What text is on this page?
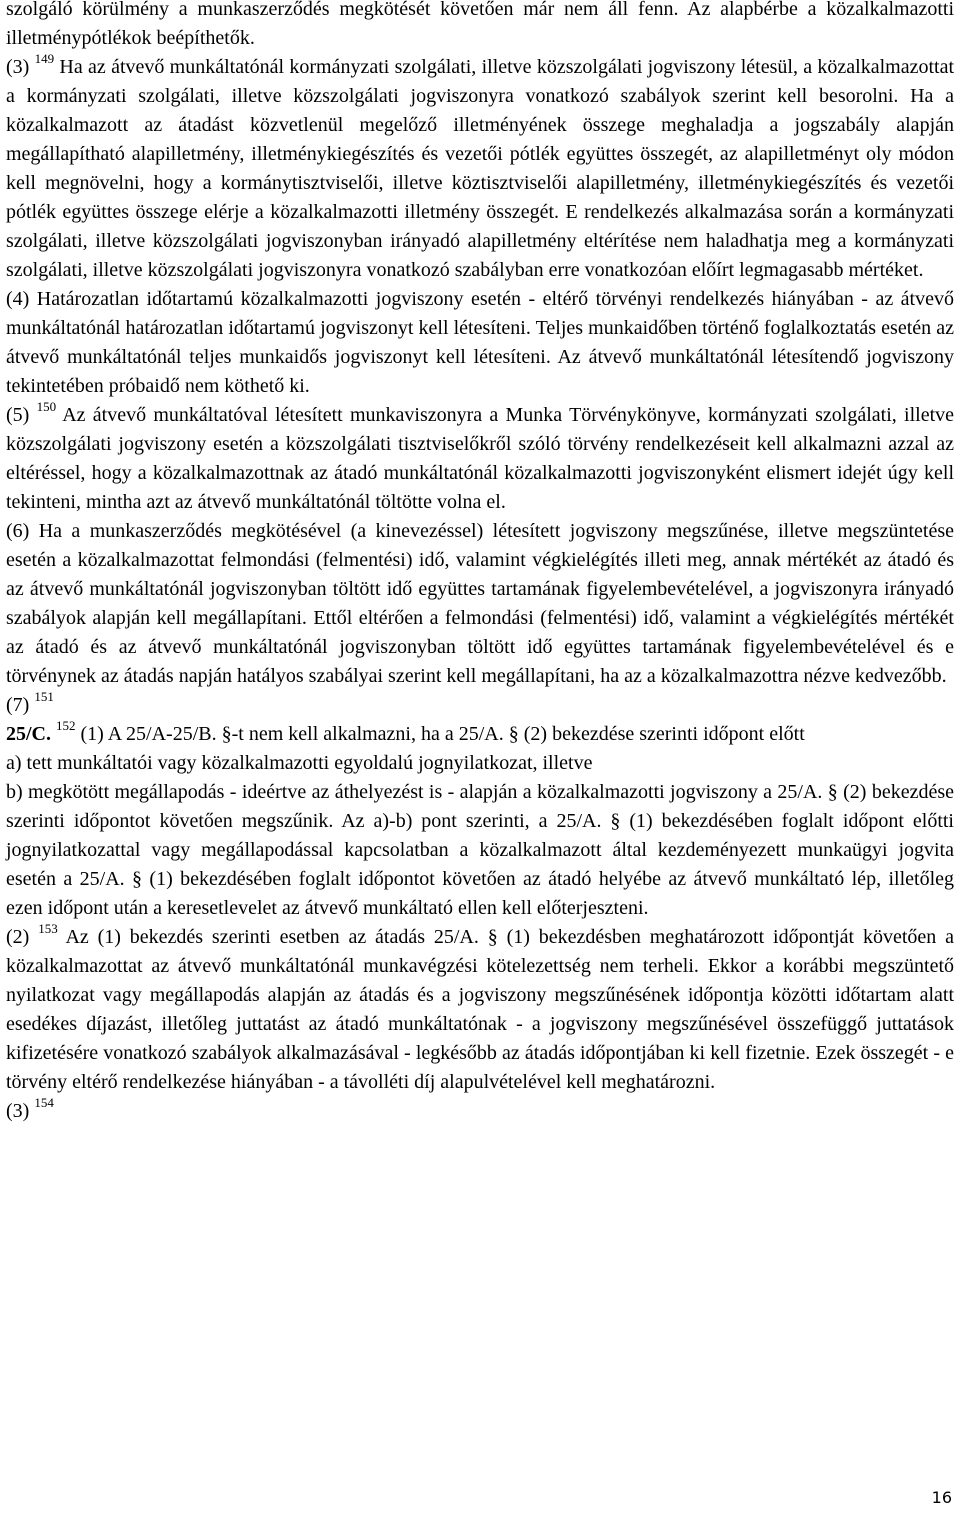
szolgáló körülmény a munkaszerződés megkötését követően már nem áll fenn. Az alapbérbe a közalkalmazotti illetménypótlékok beépíthetők.

(3) $^{149}$ Ha az átvevő munkáltatónál kormányzati szolgálati, illetve közszolgálati jogviszony létesül, a közalkalmazottat a kormányzati szolgálati, illetve közszolgálati jogviszonyra vonatkozó szabályok szerint kell besorolni. Ha a közalkalmazott az átadást közvetlenül megelőző illetményének összege meghaladja a jogszabály alapján megállapítható alapilletmény, illetménykiegészítés és vezetői pótlék együttes összegét, az alapilletményt oly módon kell megnövelni, hogy a kormánytisztviselői, illetve köztisztviselői alapilletmény, illetménykiegészítés és vezetői pótlék együttes összege elérje a közalkalmazotti illetmény összegét. E rendelkezés alkalmazása során a kormányzati szolgálati, illetve közszolgálati jogviszonyban irányadó alapilletmény eltérítése nem haladhatja meg a kormányzati szolgálati, illetve közszolgálati jogviszonyra vonatkozó szabályban erre vonatkozóan előírt legmagasabb mértéket.

(4) Határozatlan időtartamú közalkalmazotti jogviszony esetén - eltérő törvényi rendelkezés hiányában - az átvevő munkáltatónál határozatlan időtartamú jogviszonyt kell létesíteni. Teljes munkaidőben történő foglalkoztatás esetén az átvevő munkáltatónál teljes munkaidős jogviszonyt kell létesíteni. Az átvevő munkáltatónál létesítendő jogviszony tekintetében próbaidő nem köthető ki.

(5) $^{150}$ Az átvevő munkáltatóval létesített munkaviszonyra a Munka Törvénykönyve, kormányzati szolgálati, illetve közszolgálati jogviszony esetén a közszolgálati tisztviselőkről szóló törvény rendelkezéseit kell alkalmazni azzal az eltéréssel, hogy a közalkalmazottnak az átadó munkáltatónál közalkalmazotti jogviszonyként elismert idejét úgy kell tekinteni, mintha azt az átvevő munkáltatónál töltötte volna el.

(6) Ha a munkaszerződés megkötésével (a kinevezéssel) létesített jogviszony megszűnése, illetve megszüntetése esetén a közalkalmazottat felmondási (felmentési) idő, valamint végkielégítés illeti meg, annak mértékét az átadó és az átvevő munkáltatónál jogviszonyban töltött idő együttes tartamának figyelembevételével, a jogviszonyra irányadó szabályok alapján kell megállapítani. Ettől eltérően a felmondási (felmentési) idő, valamint a végkielégítés mértékét az átadó és az átvevő munkáltatónál jogviszonyban töltött idő együttes tartamának figyelembevételével és e törvénynek az átadás napján hatályos szabályai szerint kell megállapítani, ha az a közalkalmazottra nézve kedvezőbb.

(7) $^{151}$

25/C. $^{152}$ (1) A 25/A-25/B. §-t nem kell alkalmazni, ha a 25/A. § (2) bekezdése szerinti időpont előtt

a) tett munkáltatói vagy közalkalmazotti egyoldalú jognyilatkozat, illetve

b) megkötött megállapodás - ideértve az áthelyezést is - alapján a közalkalmazotti jogviszony a 25/A. § (2) bekezdése szerinti időpontot követően megszűnik. Az a)-b) pont szerinti, a 25/A. § (1) bekezdésében foglalt időpont előtti jognyilatkozattal vagy megállapodással kapcsolatban a közalkalmazott által kezdeményezett munkaügyi jogvita esetén a 25/A. § (1) bekezdésében foglalt időpontot követően az átadó helyébe az átvevő munkáltató lép, illetőleg ezen időpont után a keresetlevelet az átvevő munkáltató ellen kell előterjeszteni.

(2) $^{153}$ Az (1) bekezdés szerinti esetben az átadás 25/A. § (1) bekezdésben meghatározott időpontját követően a közalkalmazottat az átvevő munkáltatónál munkavégzési kötelezettség nem terheli. Ekkor a korábbi megszüntető nyilatkozat vagy megállapodás alapján az átadás és a jogviszony megszűnésének időpontja közötti időtartam alatt esedékes díjazást, illetőleg juttatást az átadó munkáltatónak - a jogviszony megszűnésével összefüggő juttatások kifizetésére vonatkozó szabályok alkalmazásával - legkésőbb az átadás időpontjában ki kell fizetnie. Ezek összegét - e törvény eltérő rendelkezése hiányában - a távolléti díj alapulvételével kell meghatározni.

(3) $^{154}$

16
